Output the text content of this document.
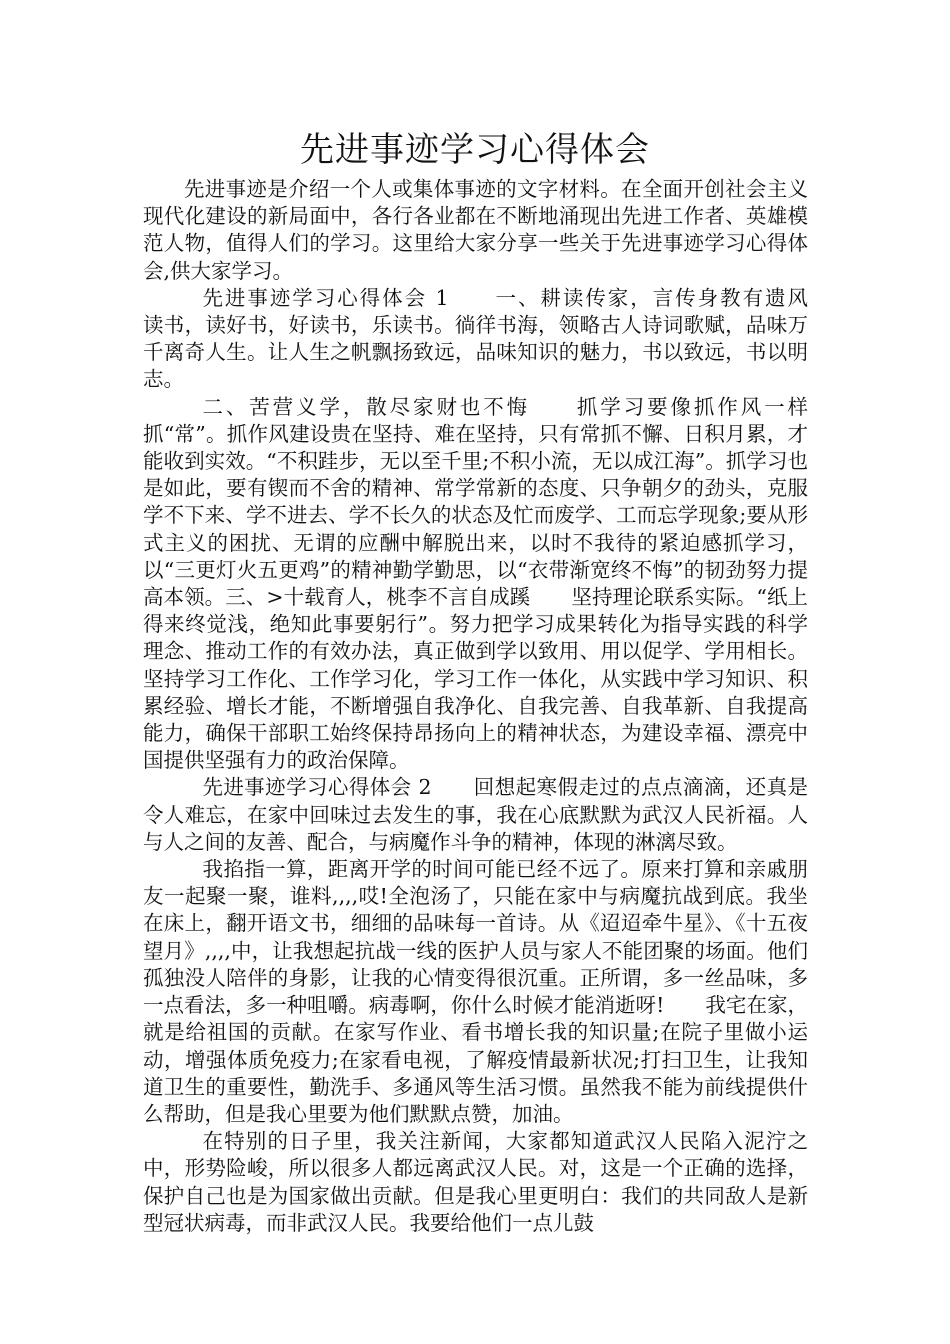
先进事迹学习心得体会

先进事迹是介绍一个人或集体事迹的文字材料。在全面开创社会主义现代化建设的新局面中，各行各业都在不断地涌现出先进工作者、英雄模范人物，值得人们的学习。这里给大家分享一些关于先进事迹学习心得体会,供大家学习。

先进事迹学习心得体会 1　　一、耕读传家，言传身教有遗风　　读书，读好书，好读书，乐读书。徜徉书海，领略古人诗词歌赋，品味万千离奇人生。让人生之帆飘扬致远，品味知识的魅力，书以致远，书以明志。

二、苦营义学，散尽家财也不悔　　抓学习要像抓作风一样抓“常”。抓作风建设贵在坚持、难在坚持，只有常抓不懈、日积月累，才能收到实效。“不积跬步，无以至千里;不积小流，无以成江海”。抓学习也是如此，要有锲而不舍的精神、常学常新的态度、只争朝夕的劲头，克服学不下来、学不进去、学不长久的状态及忙而废学、工而忘学现象;要从形式主义的困扰、无谓的应酬中解脱出来，以时不我待的紧迫感抓学习，以“三更灯火五更鸡”的精神勤学勤思，以“衣带渐宽终不悔”的韧劲努力提高本领。三、>十载育人，桃李不言自成蹊　　坚持理论联系实际。“纸上得来终觉浅，绝知此事要躬行”。努力把学习成果转化为指导实践的科学理念、推动工作的有效办法，真正做到学以致用、用以促学、学用相长。坚持学习工作化、工作学习化，学习工作一体化，从实践中学习知识、积累经验、增长才能，不断增强自我净化、自我完善、自我革新、自我提高能力，确保干部职工始终保持昂扬向上的精神状态，为建设幸福、漂亮中国提供坚强有力的政治保障。

先进事迹学习心得体会 2　　回想起寒假走过的点点滴滴，还真是令人难忘，在家中回味过去发生的事，我在心底默默为武汉人民祈福。人与人之间的友善、配合，与病魔作斗争的精神，体现的淋漓尽致。

我掐指一算，距离开学的时间可能已经不远了。原来打算和亲戚朋友一起聚一聚，谁料,,,,哎!全泡汤了，只能在家中与病魔抗战到底。我坐在床上，翻开语文书，细细的品味每一首诗。从《迢迢牵牛星》、《十五夜望月》,,,,中，让我想起抗战一线的医护人员与家人不能团聚的场面。他们孤独没人陪伴的身影，让我的心情变得很沉重。正所谓，多一丝品味，多一点看法，多一种咀嚼。病毒啊，你什么时候才能消逝呀!　　我宅在家，就是给祖国的贡献。在家写作业、看书增长我的知识量;在院子里做小运动，增强体质免疫力;在家看电视，了解疫情最新状况;打扫卫生，让我知道卫生的重要性，勤洗手、多通风等生活习惯。虽然我不能为前线提供什么帮助，但是我心里要为他们默默点赞，加油。

在特别的日子里，我关注新闻，大家都知道武汉人民陷入泥泞之中，形势险峻，所以很多人都远离武汉人民。对，这是一个正确的选择，保护自己也是为国家做出贡献。但是我心里更明白：我们的共同敌人是新型冠状病毒，而非武汉人民。我要给他们一点儿鼓
